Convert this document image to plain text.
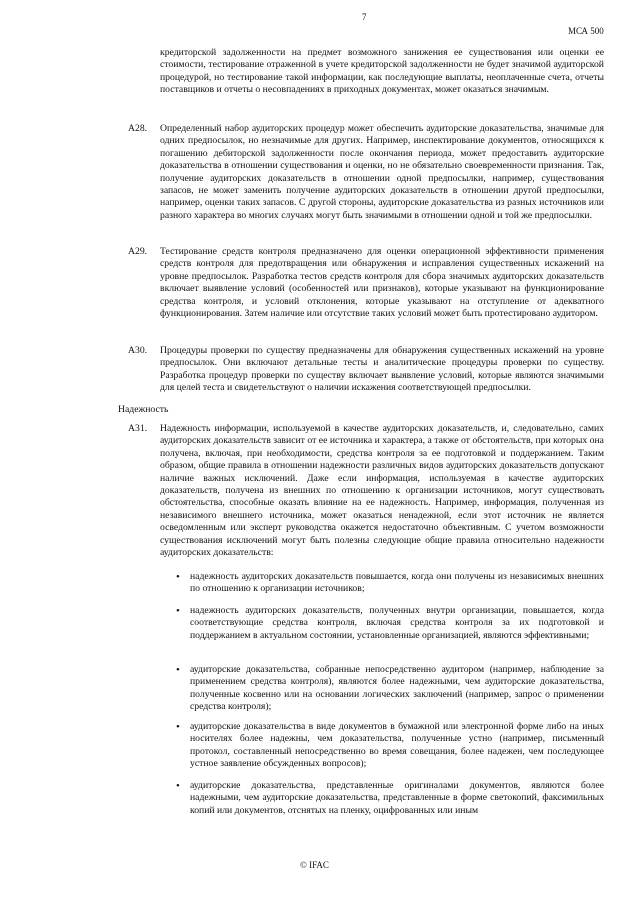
7
МСА 500

кредиторской задолженности на предмет возможного занижения ее существования или оценки ее стоимости, тестирование отраженной в учете кредиторской задолженности не будет значимой аудиторской процедурой, но тестирование такой информации, как последующие выплаты, неоплаченные счета, отчеты поставщиков и отчеты о несовпадениях в приходных документах, может оказаться значимым.

A28. Определенный набор аудиторских процедур может обеспечить аудиторские доказательства, значимые для одних предпосылок, но незначимые для других. Например, инспектирование документов, относящихся к погашению дебиторской задолженности после окончания периода, может предоставить аудиторские доказательства в отношении существования и оценки, но не обязательно своевременности признания. Так, получение аудиторских доказательств в отношении одной предпосылки, например, существования запасов, не может заменить получение аудиторских доказательств в отношении другой предпосылки, например, оценки таких запасов. С другой стороны, аудиторские доказательства из разных источников или разного характера во многих случаях могут быть значимыми в отношении одной и той же предпосылки.

A29. Тестирование средств контроля предназначено для оценки операционной эффективности применения средств контроля для предотвращения или обнаружения и исправления существенных искажений на уровне предпосылок. Разработка тестов средств контроля для сбора значимых аудиторских доказательств включает выявление условий (особенностей или признаков), которые указывают на функционирование средства контроля, и условий отклонения, которые указывают на отступление от адекватного функционирования. Затем наличие или отсутствие таких условий может быть протестировано аудитором.

A30. Процедуры проверки по существу предназначены для обнаружения существенных искажений на уровне предпосылок. Они включают детальные тесты и аналитические процедуры проверки по существу. Разработка процедур проверки по существу включает выявление условий, которые являются значимыми для целей теста и свидетельствуют о наличии искажения соответствующей предпосылки.

Надежность
A31. Надежность информации, используемой в качестве аудиторских доказательств, и, следовательно, самих аудиторских доказательств зависит от ее источника и характера, а также от обстоятельств, при которых она получена, включая, при необходимости, средства контроля за ее подготовкой и поддержанием. Таким образом, общие правила в отношении надежности различных видов аудиторских доказательств допускают наличие важных исключений. Даже если информация, используемая в качестве аудиторских доказательств, получена из внешних по отношению к организации источников, могут существовать обстоятельства, способные оказать влияние на ее надежность. Например, информация, полученная из независимого внешнего источника, может оказаться ненадежной, если этот источник не является осведомленным или эксперт руководства окажется недостаточно объективным. С учетом возможности существования исключений могут быть полезны следующие общие правила относительно надежности аудиторских доказательств:

• надежность аудиторских доказательств повышается, когда они получены из независимых внешних по отношению к организации источников;

• надежность аудиторских доказательств, полученных внутри организации, повышается, когда соответствующие средства контроля, включая средства контроля за их подготовкой и поддержанием в актуальном состоянии, установленные организацией, являются эффективными;

• аудиторские доказательства, собранные непосредственно аудитором (например, наблюдение за применением средства контроля), являются более надежными, чем аудиторские доказательства, полученные косвенно или на основании логических заключений (например, запрос о применении средства контроля);

• аудиторские доказательства в виде документов в бумажной или электронной форме либо на иных носителях более надежны, чем доказательства, полученные устно (например, письменный протокол, составленный непосредственно во время совещания, более надежен, чем последующее устное заявление обсужденных вопросов);

• аудиторские доказательства, представленные оригиналами документов, являются более надежными, чем аудиторские доказательства, представленные в форме светокопий, факсимильных копий или документов, отснятых на пленку, оцифрованных или иным

© IFAC
